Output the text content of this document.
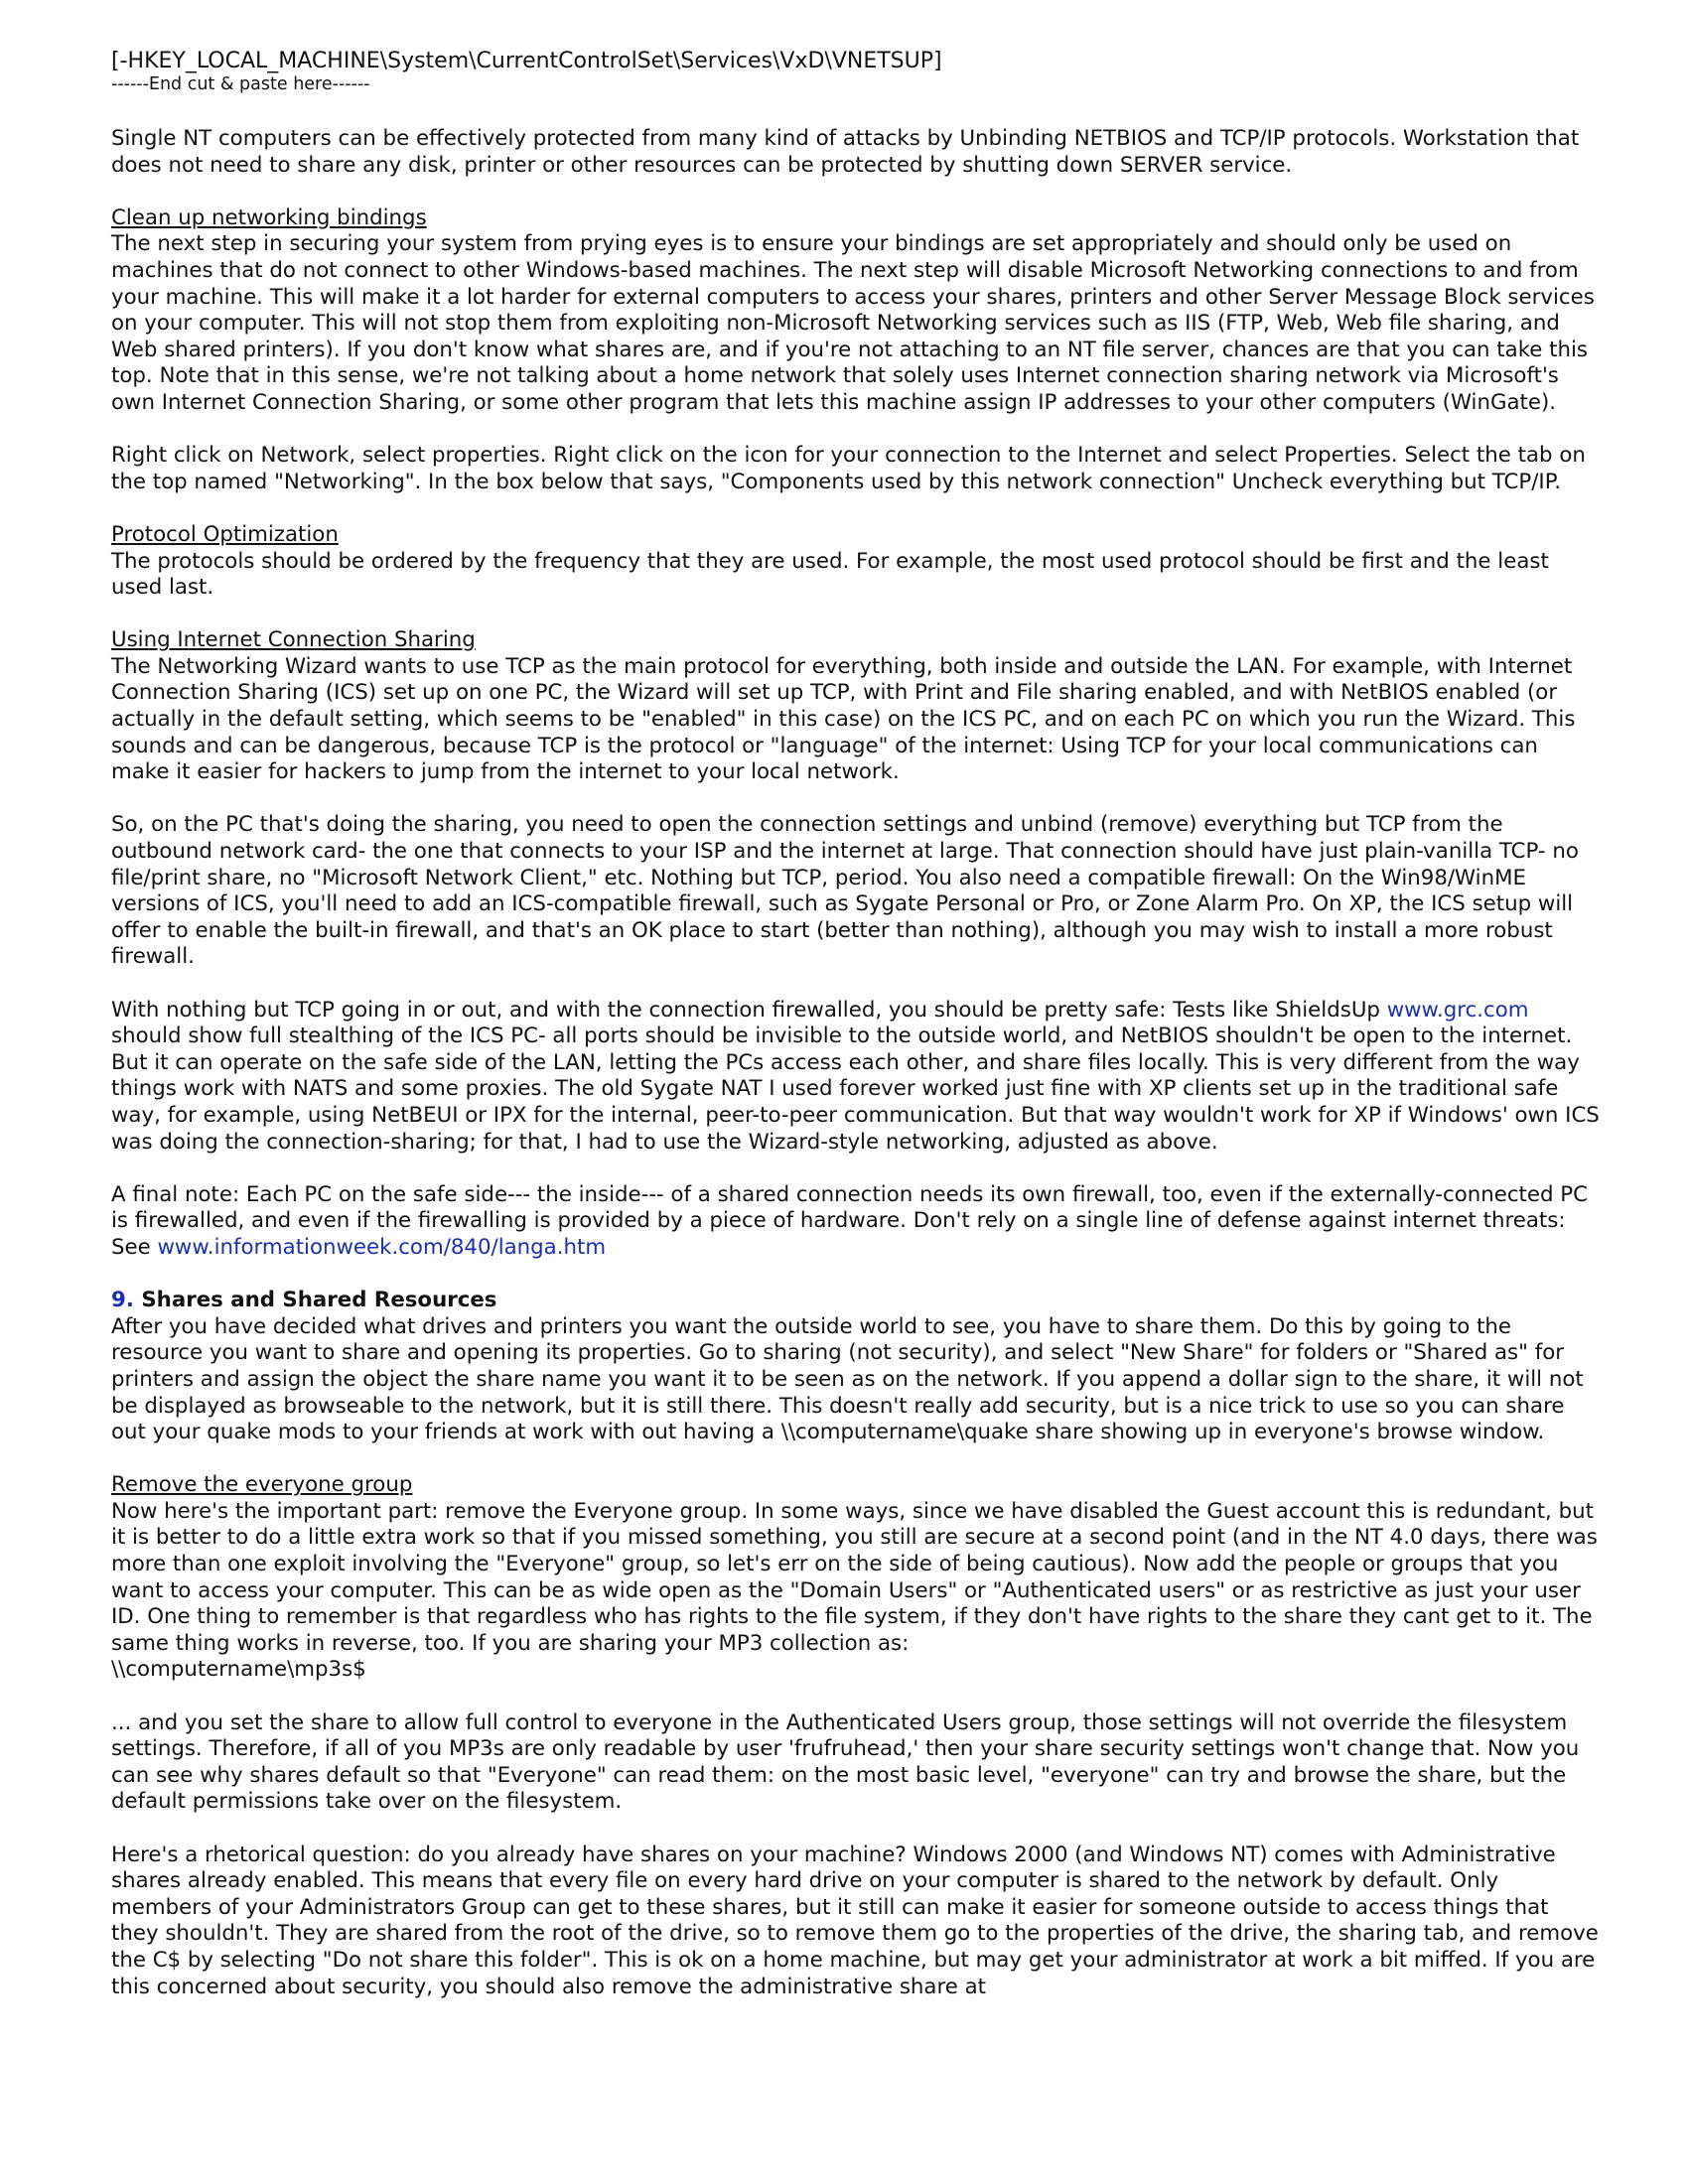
[-HKEY_LOCAL_MACHINE\System\CurrentControlSet\Services\VxD\VNETSUP]
------End cut & paste here------

Single NT computers can be effectively protected from many kind of attacks by Unbinding NETBIOS and TCP/IP protocols. Workstation that does not need to share any disk, printer or other resources can be protected by shutting down SERVER service.

Clean up networking bindings
The next step in securing your system from prying eyes is to ensure your bindings are set appropriately and should only be used on machines that do not connect to other Windows-based machines. The next step will disable Microsoft Networking connections to and from your machine. This will make it a lot harder for external computers to access your shares, printers and other Server Message Block services on your computer. This will not stop them from exploiting non-Microsoft Networking services such as IIS (FTP, Web, Web file sharing, and Web shared printers). If you don't know what shares are, and if you're not attaching to an NT file server, chances are that you can take this top. Note that in this sense, we're not talking about a home network that solely uses Internet connection sharing network via Microsoft's own Internet Connection Sharing, or some other program that lets this machine assign IP addresses to your other computers (WinGate).

Right click on Network, select properties. Right click on the icon for your connection to the Internet and select Properties. Select the tab on the top named "Networking". In the box below that says, "Components used by this network connection" Uncheck everything but TCP/IP.

Protocol Optimization
The protocols should be ordered by the frequency that they are used. For example, the most used protocol should be first and the least used last.

Using Internet Connection Sharing
The Networking Wizard wants to use TCP as the main protocol for everything, both inside and outside the LAN. For example, with Internet Connection Sharing (ICS) set up on one PC, the Wizard will set up TCP, with Print and File sharing enabled, and with NetBIOS enabled (or actually in the default setting, which seems to be "enabled" in this case) on the ICS PC, and on each PC on which you run the Wizard. This sounds and can be dangerous, because TCP is the protocol or "language" of the internet: Using TCP for your local communications can make it easier for hackers to jump from the internet to your local network.

So, on the PC that's doing the sharing, you need to open the connection settings and unbind (remove) everything but TCP from the outbound network card- the one that connects to your ISP and the internet at large. That connection should have just plain-vanilla TCP- no file/print share, no "Microsoft Network Client," etc. Nothing but TCP, period. You also need a compatible firewall: On the Win98/WinME versions of ICS, you'll need to add an ICS-compatible firewall, such as Sygate Personal or Pro, or Zone Alarm Pro. On XP, the ICS setup will offer to enable the built-in firewall, and that's an OK place to start (better than nothing), although you may wish to install a more robust firewall.

With nothing but TCP going in or out, and with the connection firewalled, you should be pretty safe: Tests like ShieldsUp www.grc.com should show full stealthing of the ICS PC- all ports should be invisible to the outside world, and NetBIOS shouldn't be open to the internet. But it can operate on the safe side of the LAN, letting the PCs access each other, and share files locally. This is very different from the way things work with NATS and some proxies. The old Sygate NAT I used forever worked just fine with XP clients set up in the traditional safe way, for example, using NetBEUI or IPX for the internal, peer-to-peer communication. But that way wouldn't work for XP if Windows' own ICS was doing the connection-sharing; for that, I had to use the Wizard-style networking, adjusted as above.

A final note: Each PC on the safe side--- the inside--- of a shared connection needs its own firewall, too, even if the externally-connected PC is firewalled, and even if the firewalling is provided by a piece of hardware. Don't rely on a single line of defense against internet threats: See www.informationweek.com/840/langa.htm

9. Shares and Shared Resources

After you have decided what drives and printers you want the outside world to see, you have to share them. Do this by going to the resource you want to share and opening its properties. Go to sharing (not security), and select "New Share" for folders or "Shared as" for printers and assign the object the share name you want it to be seen as on the network. If you append a dollar sign to the share, it will not be displayed as browseable to the network, but it is still there. This doesn't really add security, but is a nice trick to use so you can share out your quake mods to your friends at work with out having a \\computername\quake share showing up in everyone's browse window.

Remove the everyone group
Now here's the important part: remove the Everyone group. In some ways, since we have disabled the Guest account this is redundant, but it is better to do a little extra work so that if you missed something, you still are secure at a second point (and in the NT 4.0 days, there was more than one exploit involving the "Everyone" group, so let's err on the side of being cautious). Now add the people or groups that you want to access your computer. This can be as wide open as the "Domain Users" or "Authenticated users" or as restrictive as just your user ID. One thing to remember is that regardless who has rights to the file system, if they don't have rights to the share they cant get to it. The same thing works in reverse, too. If you are sharing your MP3 collection as:
\\computername\mp3s$

... and you set the share to allow full control to everyone in the Authenticated Users group, those settings will not override the filesystem settings. Therefore, if all of you MP3s are only readable by user 'frufruhead,' then your share security settings won't change that. Now you can see why shares default so that "Everyone" can read them: on the most basic level, "everyone" can try and browse the share, but the default permissions take over on the filesystem.

Here's a rhetorical question: do you already have shares on your machine? Windows 2000 (and Windows NT) comes with Administrative shares already enabled. This means that every file on every hard drive on your computer is shared to the network by default. Only members of your Administrators Group can get to these shares, but it still can make it easier for someone outside to access things that they shouldn't. They are shared from the root of the drive, so to remove them go to the properties of the drive, the sharing tab, and remove the C$ by selecting "Do not share this folder". This is ok on a home machine, but may get your administrator at work a bit miffed. If you are this concerned about security, you should also remove the administrative share at
